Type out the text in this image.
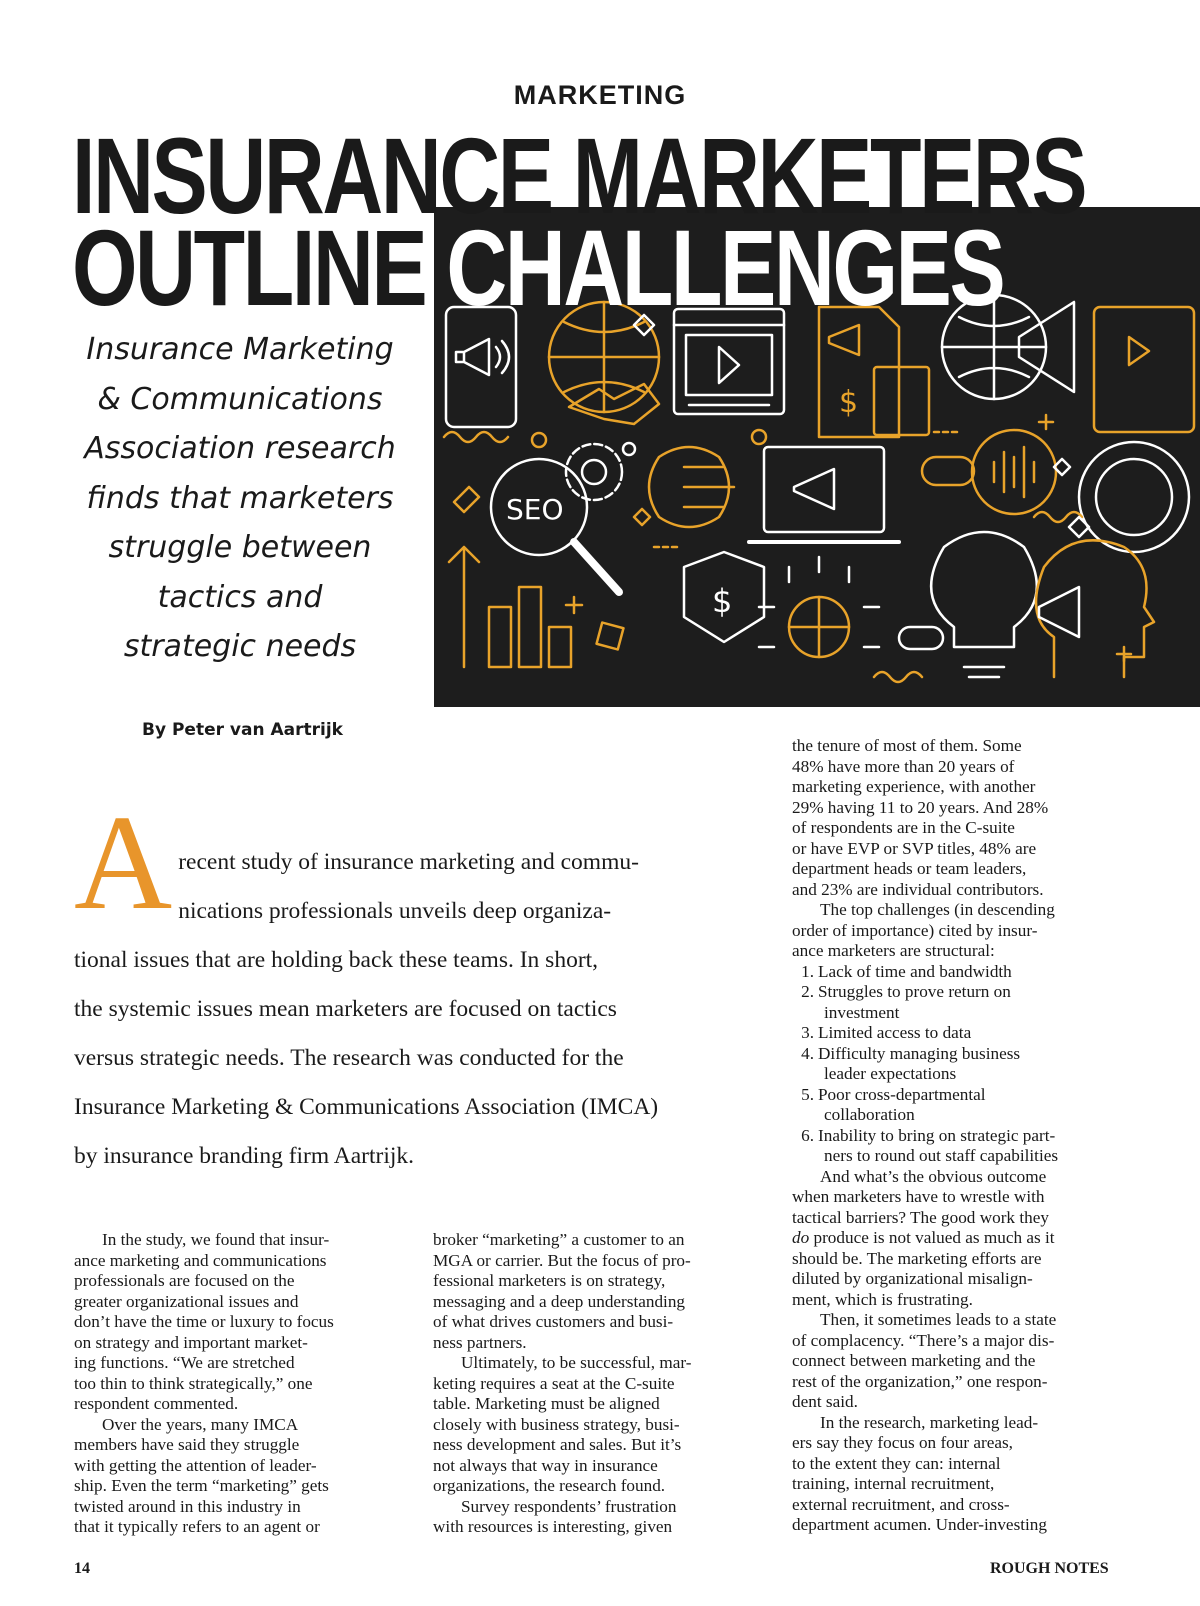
MARKETING
$
SEO
$
INSURANCE MARKETERS
OUTLINE CHALLENGES
Insurance Marketing
& Communications
Association research
finds that marketers
struggle between
tactics and
strategic needs
By Peter van Aartrijk
A recent study of insurance marketing and commu-
nications professionals unveils deep organiza-
tional issues that are holding back these teams. In short,
the systemic issues mean marketers are focused on tactics
versus strategic needs. The research was conducted for the
Insurance Marketing & Communications Association (IMCA)
by insurance branding firm Aartrijk.

In the study, we found that insur-
ance marketing and communications
professionals are focused on the
greater organizational issues and
don’t have the time or luxury to focus
on strategy and important market-
ing functions. “We are stretched
too thin to think strategically,” one
respondent commented.

Over the years, many IMCA
members have said they struggle
with getting the attention of leader-
ship. Even the term “marketing” gets
twisted around in this industry in
that it typically refers to an agent or

broker “marketing” a customer to an
MGA or carrier. But the focus of pro-
fessional marketers is on strategy,
messaging and a deep understanding
of what drives customers and busi-
ness partners.

Ultimately, to be successful, mar-
keting requires a seat at the C-suite
table. Marketing must be aligned
closely with business strategy, busi-
ness development and sales. But it’s
not always that way in insurance
organizations, the research found.

Survey respondents’ frustration
with resources is interesting, given

the tenure of most of them. Some
48% have more than 20 years of
marketing experience, with another
29% having 11 to 20 years. And 28%
of respondents are in the C-suite
or have EVP or SVP titles, 48% are
department heads or team leaders,
and 23% are individual contributors.

The top challenges (in descending
order of importance) cited by insur-
ance marketers are structural:

1. Lack of time and bandwidth
2. Struggles to prove return on
investment
3. Limited access to data
4. Difficulty managing business
leader expectations
5. Poor cross-departmental
collaboration
6. Inability to bring on strategic part-
ners to round out staff capabilities

And what’s the obvious outcome
when marketers have to wrestle with
tactical barriers? The good work they
do produce is not valued as much as it
should be. The marketing efforts are
diluted by organizational misalign-
ment, which is frustrating.

Then, it sometimes leads to a state
of complacency. “There’s a major dis-
connect between marketing and the
rest of the organization,” one respon-
dent said.

In the research, marketing lead-
ers say they focus on four areas,
to the extent they can: internal
training, internal recruitment,
external recruitment, and cross-
department acumen. Under-investing

14	ROUGH NOTES
